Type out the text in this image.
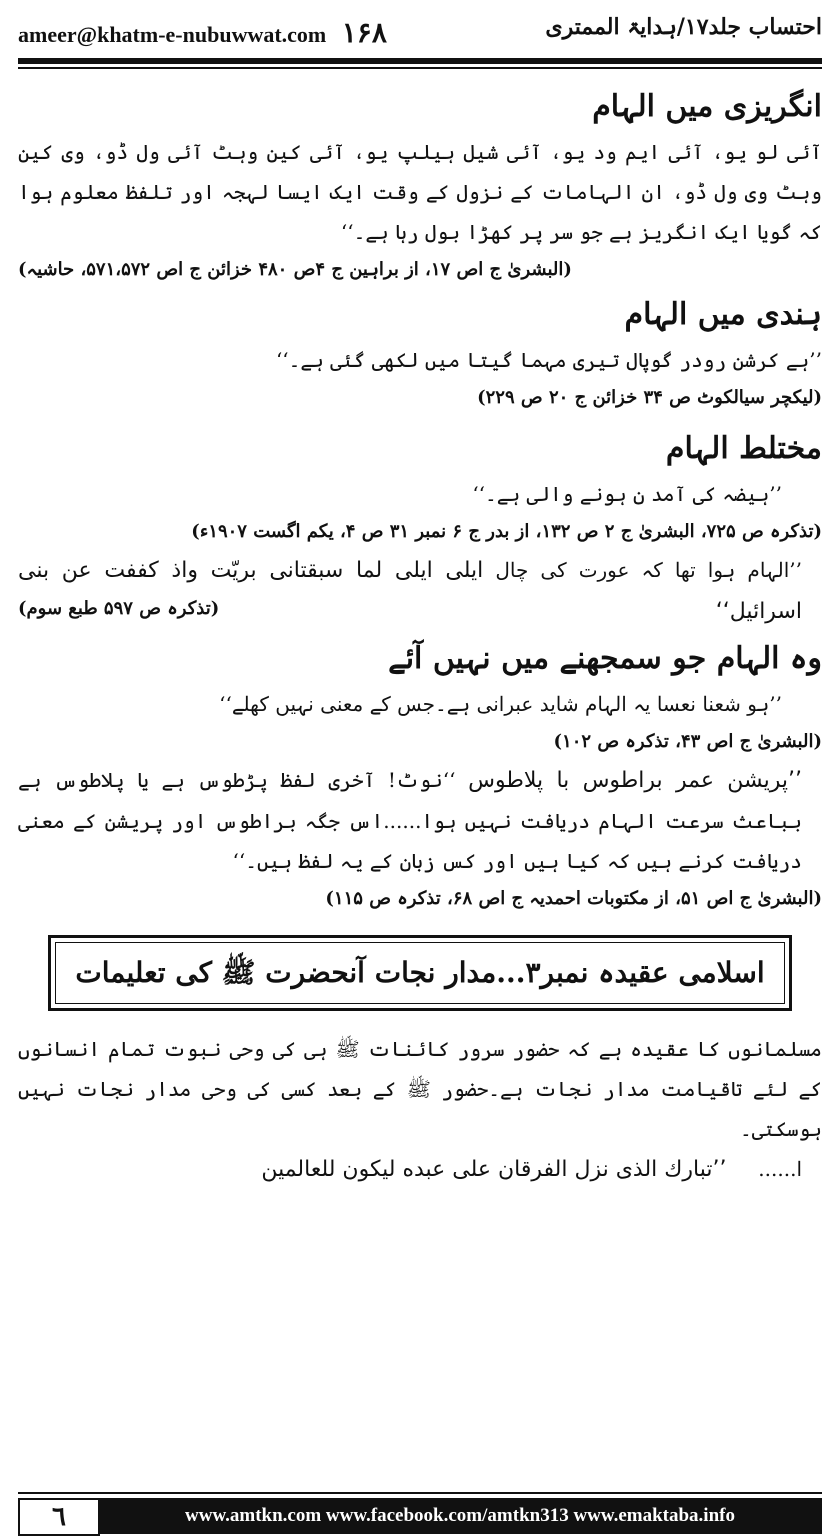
ameer@khatm-e-nubuwwat.com ۱۶۸	احتساب جلد۱۷/ہدایۃ الممتری
انگریزی میں الہام

آئی لو یو، آئی ایم ود یو، آئی شیل ہیلپ یو، آئی کین وہٹ آئی ول ڈو، وی کین وہٹ وی ول ڈو، ان الہامات کے نزول کے وقت ایک ایسا لہجہ اور تلفظ معلوم ہوا کہ گویا ایک انگریز ہے جو سر پر کھڑا بول رہا ہے۔‘‘

(البشریٰ ج اص ۱۷، از براہین ج ۴ص ۴۸۰ خزائن ج اص ۵۷۱،۵۷۲، حاشیہ)

ہندی میں الہام

’’ہے کرشن رودر گوپال تیری مہما گیتا میں لکھی گئی ہے۔‘‘

(لیکچر سیالکوٹ ص ۳۴ خزائن ج ۲۰ ص ۲۲۹)

مختلط الہام

’’ہیضہ کی آمد ن ہونے والی ہے۔‘‘

(تذکرہ ص ۷۲۵، البشریٰ ج ۲ ص ۱۳۲، از بدر ج ۶ نمبر ۳۱ ص ۴، یکم اگست ۱۹۰۷ء)

’’الہام ہوا تھا کہ عورت کی چال ایلی ایلی لما سبقتانی بریّت واذ کففت عن بنی اسرائیل‘‘
(تذکرہ ص ۵۹۷ طبع سوم)

وہ الہام جو سمجھنے میں نہیں آئے

’’ہو شعنا نعسا یہ الہام شاید عبرانی ہے۔جس کے معنی نہیں کھلے‘‘

(البشریٰ ج اص ۴۳، تذکرہ ص ۱۰۲)

’’پریشن عمر براطوس با پلاطوس ‘‘نوٹ! آخری لفظ پڑطوس ہے یا پلاطوس ہے بباعث سرعت الہام دریافت نہیں ہوا......اس جگہ براطوس اور پریشن کے معنی دریافت کرنے ہیں کہ کیا ہیں اور کس زبان کے یہ لفظ ہیں۔‘‘

(البشریٰ ج اص ۵۱، از مکتوبات احمدیہ ج اص ۶۸، تذکرہ ص ۱۱۵)

اسلامی عقیدہ نمبر۳...مدار نجات آنحضرت ﷺ کی تعلیمات

مسلمانوں کا عقیدہ ہے کہ حضور سرور کائنات ﷺ ہی کی وحی نبوت تمام انسانوں کے لئے تاقیامت مدار نجات ہے۔حضور ﷺ کے بعد کسی کی وحی مدار نجات نہیں ہوسکتی۔

ا......     ’’تبارك الذی نزل الفرقان علی عبده لیكون للعالمین

٦	www.amtkn.com www.facebook.com/amtkn313 www.emaktaba.info
